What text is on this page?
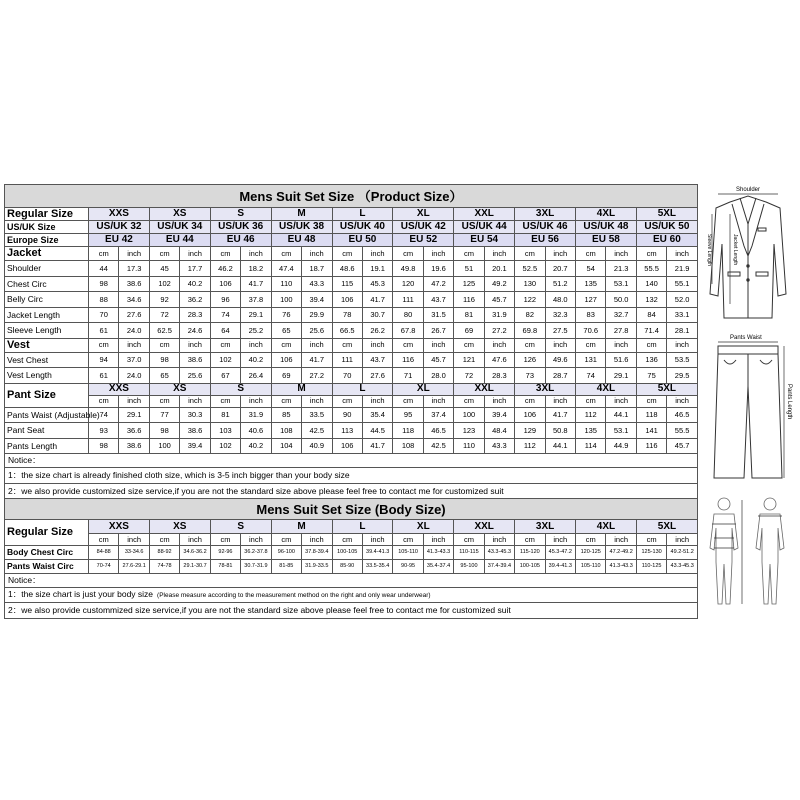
Mens Suit Set Size （Product Size）																				
Regular Size	XXS		XS		S		M		L		XL		XXL		3XL		4XL		5XL	
US/UK Size	US/UK 32		US/UK 34		US/UK 36		US/UK 38		US/UK 40		US/UK 42		US/UK 44		US/UK 46		US/UK 48		US/UK 50	
Europe Size	EU 42		EU 44		EU 46		EU 48		EU 50		EU 52		EU 54		EU 56		EU 58		EU 60	
Jacket	cm	inch	cm	inch	cm	inch	cm	inch	cm	inch	cm	inch	cm	inch	cm	inch	cm	inch	cm	inch
Shoulder	44	17.3	45	17.7	46.2	18.2	47.4	18.7	48.6	19.1	49.8	19.6	51	20.1	52.5	20.7	54	21.3	55.5	21.9
Chest Circ	98	38.6	102	40.2	106	41.7	110	43.3	115	45.3	120	47.2	125	49.2	130	51.2	135	53.1	140	55.1
Belly Circ	88	34.6	92	36.2	96	37.8	100	39.4	106	41.7	111	43.7	116	45.7	122	48.0	127	50.0	132	52.0
Jacket Length	70	27.6	72	28.3	74	29.1	76	29.9	78	30.7	80	31.5	81	31.9	82	32.3	83	32.7	84	33.1
Sleeve Length	61	24.0	62.5	24.6	64	25.2	65	25.6	66.5	26.2	67.8	26.7	69	27.2	69.8	27.5	70.6	27.8	71.4	28.1
Vest	cm	inch	cm	inch	cm	inch	cm	inch	cm	inch	cm	inch	cm	inch	cm	inch	cm	inch	cm	inch
Vest Chest	94	37.0	98	38.6	102	40.2	106	41.7	111	43.7	116	45.7	121	47.6	126	49.6	131	51.6	136	53.5
Vest Length	61	24.0	65	25.6	67	26.4	69	27.2	70	27.6	71	28.0	72	28.3	73	28.7	74	29.1	75	29.5
Pant Size	XXS		XS		S		M		L		XL		XXL		3XL		4XL		5XL	
	cm	inch	cm	inch	cm	inch	cm	inch	cm	inch	cm	inch	cm	inch	cm	inch	cm	inch	cm	inch
Pants Waist (Adjustable)	74	29.1	77	30.3	81	31.9	85	33.5	90	35.4	95	37.4	100	39.4	106	41.7	112	44.1	118	46.5
Pant Seat	93	36.6	98	38.6	103	40.6	108	42.5	113	44.5	118	46.5	123	48.4	129	50.8	135	53.1	141	55.5
Pants Length	98	38.6	100	39.4	102	40.2	104	40.9	106	41.7	108	42.5	110	43.3	112	44.1	114	44.9	116	45.7
Notice：																				
1：the size chart is already finished cloth size, which is 3-5 inch bigger than your body size																				
2：we also provide customized size service,if you are not the standard size above please feel free to contact me for customized suit																				
Mens Suit Set Size (Body Size)																				
Regular Size	XXS		XS		S		M		L		XL		XXL		3XL		4XL		5XL	
	cm	inch	cm	inch	cm	inch	cm	inch	cm	inch	cm	inch	cm	inch	cm	inch	cm	inch	cm	inch
Body Chest Circ	84-88	33-34.6	88-92	34.6-36.2	92-96	36.2-37.8	96-100	37.8-39.4	100-105	39.4-41.3	105-110	41.3-43.3	110-115	43.3-45.3	115-120	45.3-47.2	120-125	47.2-49.2	125-130	49.2-51.2
Pants Waist Circ	70-74	27.6-29.1	74-78	29.1-30.7	78-81	30.7-31.9	81-85	31.9-33.5	85-90	33.5-35.4	90-95	35.4-37.4	95-100	37.4-39.4	100-105	39.4-41.3	105-110	41.3-43.3	110-125	43.3-45.3
Notice：																				
1：the size chart is just your body size (Please measure according to the measurement method on the right and only wear underwear)																				
2：we also provide custommized size service,if you are not the standard size above please feel free to contact me for customized suit																				
Shoulder
Sleeve Length	Jacket Length
Pants Waist
Pants Length
